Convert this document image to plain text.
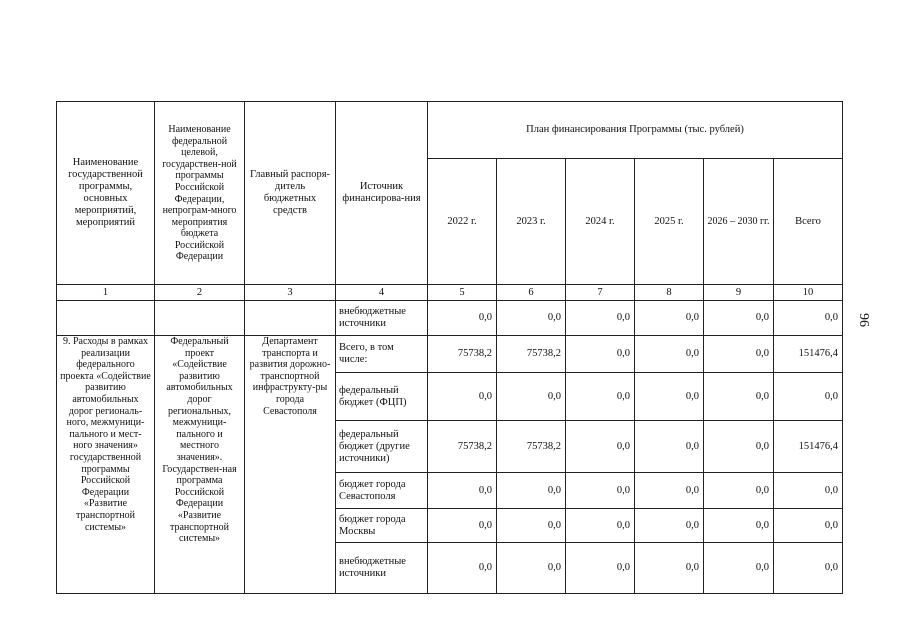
Наименование государственной программы, основных мероприятий, мероприятий	Наименование федеральной целевой, государствен-ной программы Российской Федерации, непрограм-много мероприятия бюджета Российской Федерации	Главный распоря-дитель бюджетных средств	Источник финансирова-ния	План финансирования Программы (тыс. рублей)					
				2022 г.	2023 г.	2024 г.	2025 г.	2026 – 2030 гг.	Всего
1	2	3	4	5	6	7	8	9	10
			внебюджетные источники	0,0	0,0	0,0	0,0	0,0	0,0
9. Расходы в рамках реализации федерального проекта «Содействие развитию автомобильных дорог региональ-ного, межмуници-пального и мест-ного значения» государственной программы Российской Федерации «Развитие транспортной системы»	Федеральный проект «Содействие развитию автомобильных дорог региональных, межмуници-пального и местного значения». Государствен-ная программа Российской Федерации «Развитие транспортной системы»	Департамент транспорта и развития дорожно-транспортной инфраструкту-ры города Севастополя	Всего, в том числе:	75738,2	75738,2	0,0	0,0	0,0	151476,4
			федеральный бюджет (ФЦП)	0,0	0,0	0,0	0,0	0,0	0,0
			федеральный бюджет (другие источники)	75738,2	75738,2	0,0	0,0	0,0	151476,4
			бюджет города Севастополя	0,0	0,0	0,0	0,0	0,0	0,0
			бюджет города Москвы	0,0	0,0	0,0	0,0	0,0	0,0
			внебюджетные источники	0,0	0,0	0,0	0,0	0,0	0,0
96
